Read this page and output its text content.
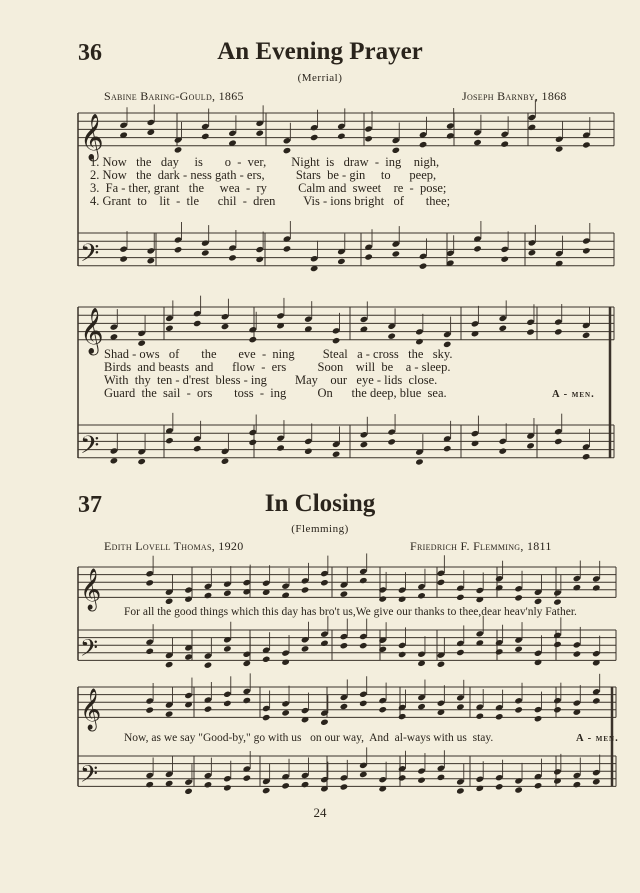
𝄞
𝄢
𝄞
𝄢
𝄞
𝄢
𝄞
𝄢
36	An Evening Prayer
(Merrial)
Sabine Baring-Gould, 1865	Joseph Barnby, 1868
1. Now   the   day     is       o  -  ver,        Night  is   draw  -  ing    nigh,
2. Now   the  dark - ness gath - ers,          Stars  be - gin     to      peep,
3.  Fa - ther, grant   the     wea  -  ry          Calm and  sweet    re  -  pose;
4. Grant  to    lit  -  tle      chil  -  dren         Vis - ions bright   of       thee;
Shad - ows   of       the       eve  -  ning         Steal   a - cross   the   sky.
Birds  and beasts  and      flow  -  ers          Soon    will  be    a - sleep.
With  thy  ten - d'rest  bless - ing         May    our   eye - lids  close.
Guard  the  sail  -  ors       toss  -  ing          On      the deep, blue  sea.	A - men.
37	In Closing
(Flemming)
Edith Lovell Thomas, 1920	Friedrich F. Flemming, 1811
For all the good things which this day has bro't us,We give our thanks to thee,dear heav'nly Father.
Now, as we say "Good-by," go with us   on our way,  And  al-ways with us  stay.	A - men.
24
